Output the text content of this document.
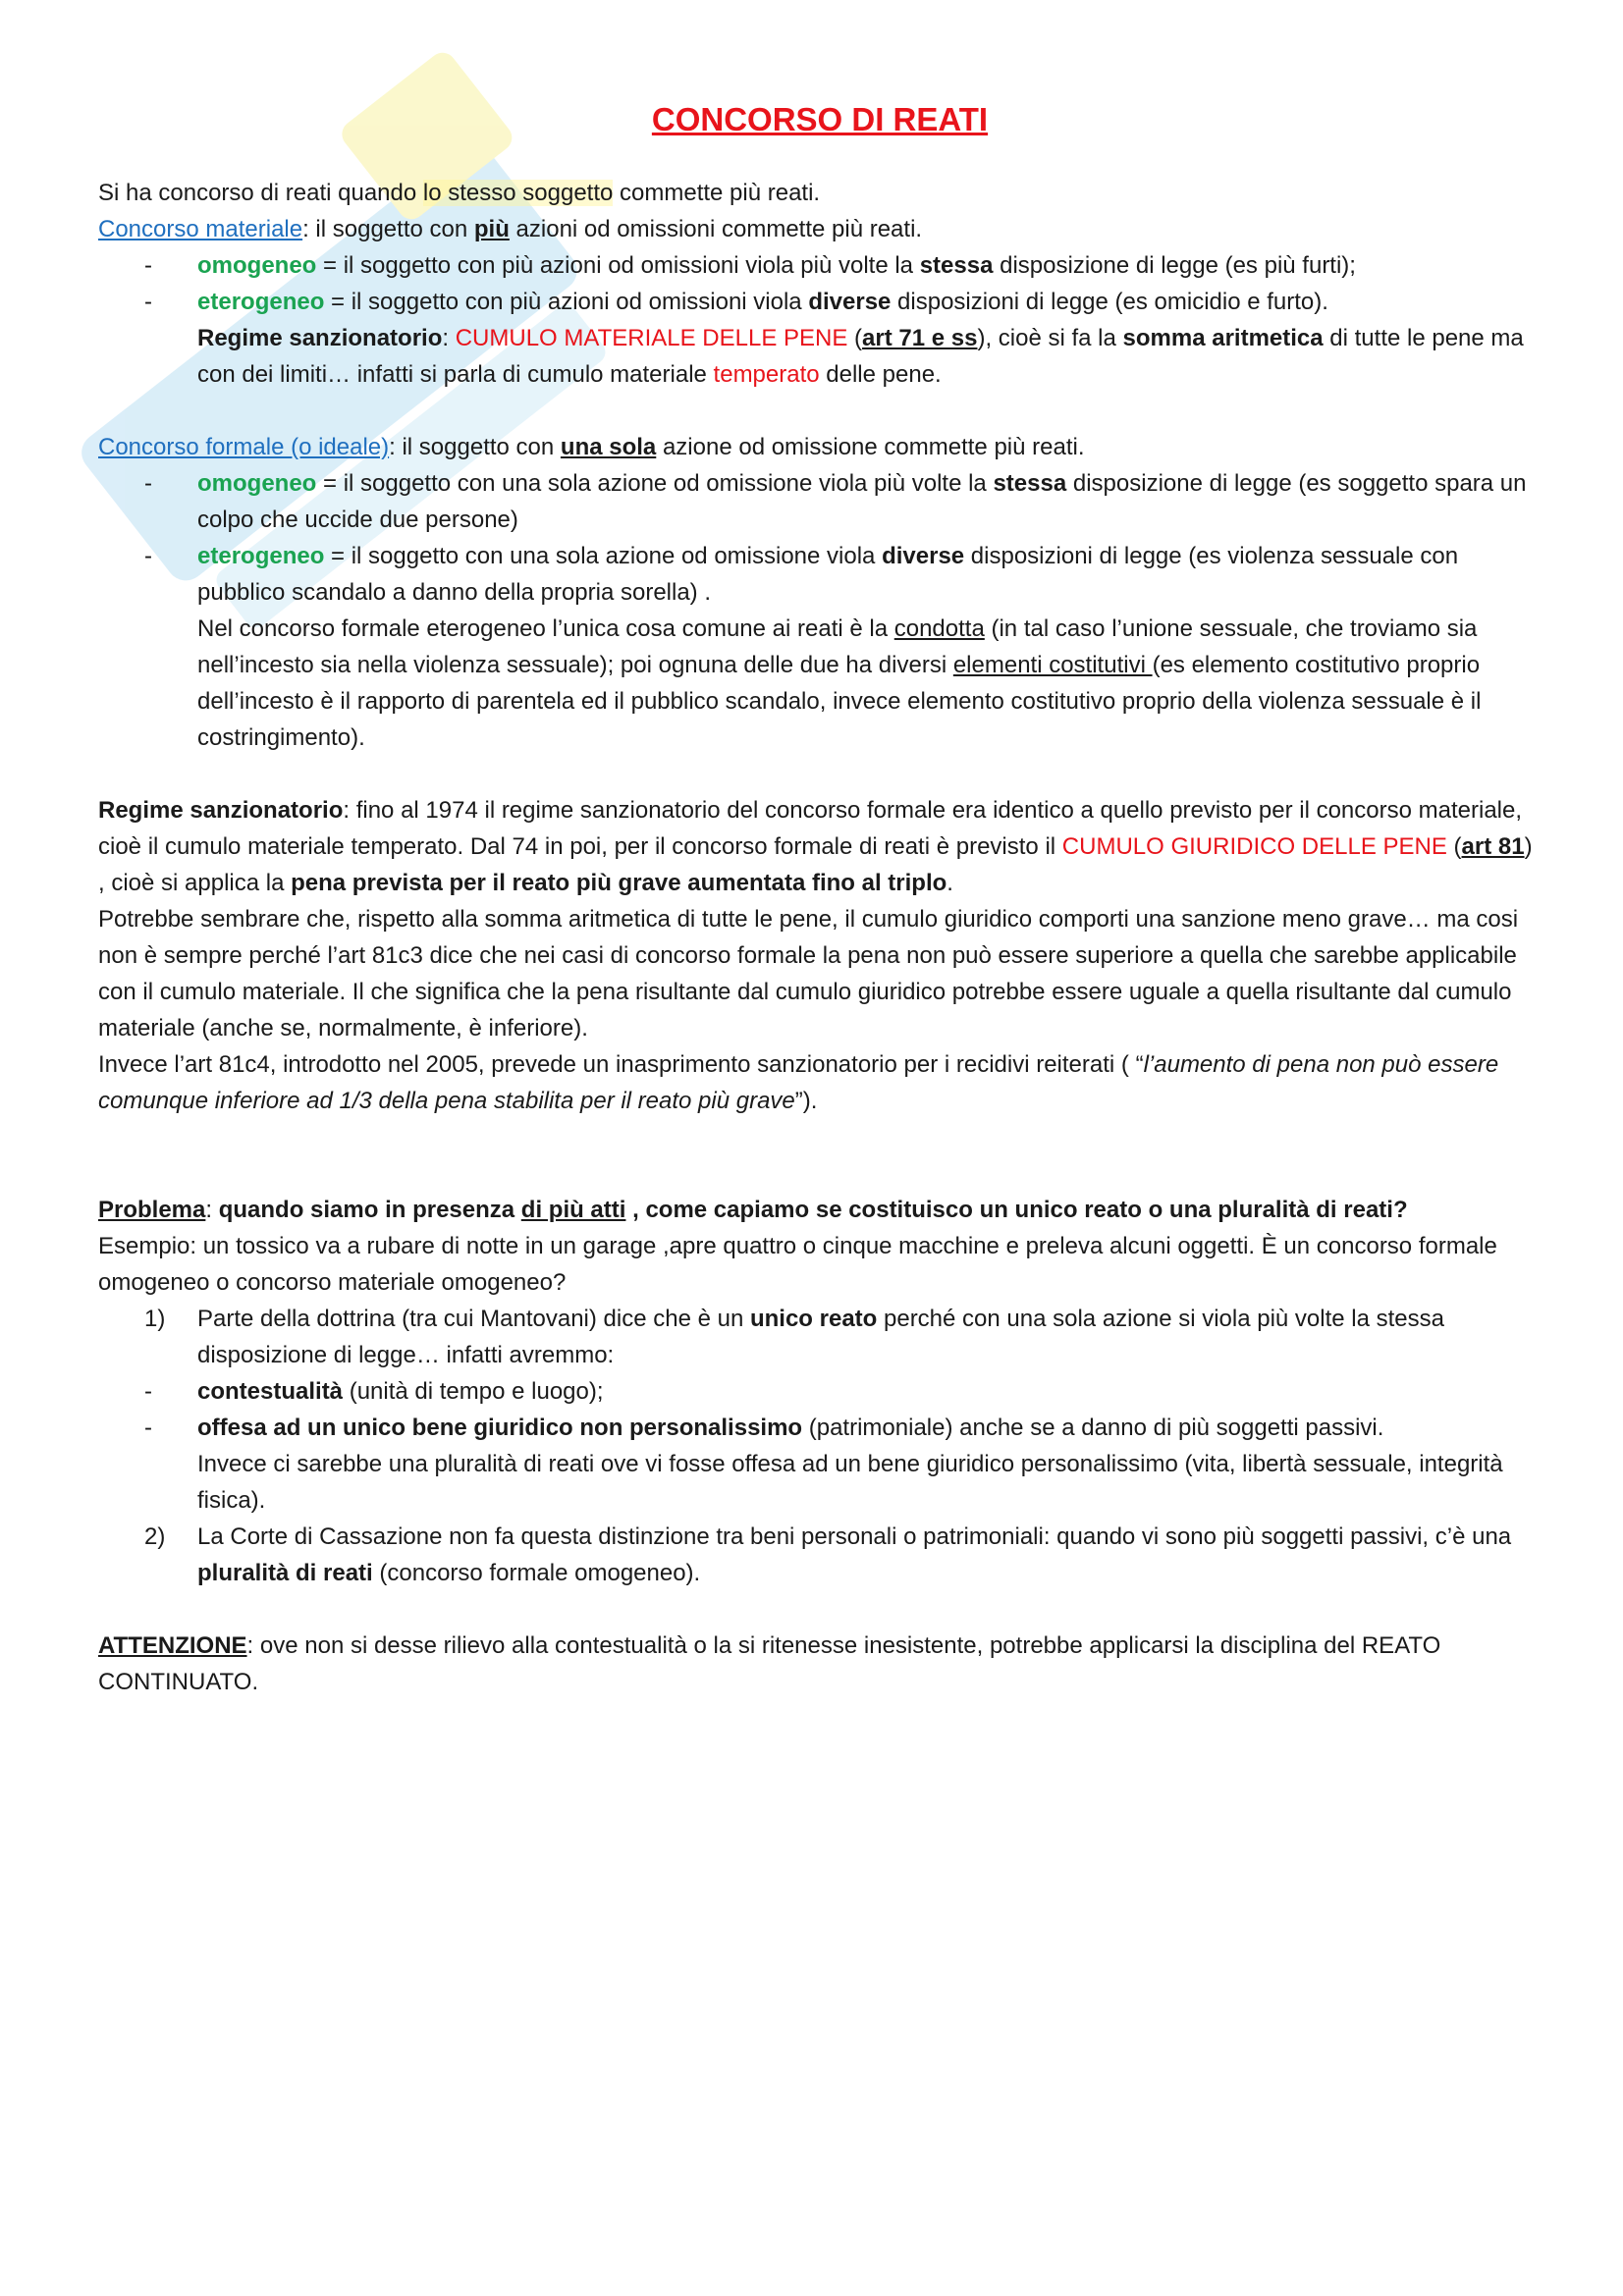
CONCORSO DI REATI

Si ha concorso di reati quando lo stesso soggetto commette più reati.

Concorso materiale: il soggetto con più azioni od omissioni commette più reati.

-	omogeneo = il soggetto con più azioni od omissioni viola più volte la stessa disposizione di legge (es più furti);
-	eterogeneo = il soggetto con più azioni od omissioni viola diverse disposizioni di legge (es omicidio e furto).

Regime sanzionatorio: CUMULO MATERIALE DELLE PENE (art 71 e ss), cioè si fa la somma aritmetica di tutte le pene ma con dei limiti… infatti si parla di cumulo materiale temperato delle pene.

Concorso formale (o ideale): il soggetto con una sola azione od omissione commette più reati.

-	omogeneo = il soggetto con una sola azione od omissione viola più volte la stessa disposizione di legge (es soggetto spara un colpo che uccide due persone)
-	eterogeneo = il soggetto con una sola azione od omissione viola diverse disposizioni di legge (es violenza sessuale con pubblico scandalo a danno della propria sorella) .

Nel concorso formale eterogeneo l’unica cosa comune ai reati è la condotta (in tal caso l’unione sessuale, che troviamo sia nell’incesto sia nella violenza sessuale); poi ognuna delle due ha diversi elementi costitutivi (es elemento costitutivo proprio dell’incesto è il rapporto di parentela ed il pubblico scandalo, invece elemento costitutivo proprio della violenza sessuale è il costringimento).

Regime sanzionatorio: fino al 1974 il regime sanzionatorio del concorso formale era identico a quello previsto per il concorso materiale, cioè il cumulo materiale temperato. Dal 74 in poi, per il concorso formale di reati è previsto il CUMULO GIURIDICO DELLE PENE (art 81) , cioè si applica la pena prevista per il reato più grave aumentata fino al triplo.

Potrebbe sembrare che, rispetto alla somma aritmetica di tutte le pene, il cumulo giuridico comporti una sanzione meno grave… ma cosi non è sempre perché l’art 81c3 dice che nei casi di concorso formale la pena non può essere superiore a quella che sarebbe applicabile con il cumulo materiale. Il che significa che la pena risultante dal cumulo giuridico potrebbe essere uguale a quella risultante dal cumulo materiale (anche se, normalmente, è inferiore).

Invece l’art 81c4, introdotto nel 2005, prevede un inasprimento sanzionatorio per i recidivi reiterati ( “l’aumento di pena non può essere comunque inferiore ad 1/3 della pena stabilita per il reato più grave”).

Problema: quando siamo in presenza di più atti , come capiamo se costituisco un unico reato o una pluralità di reati?

Esempio: un tossico va a rubare di notte in un garage ,apre quattro o cinque macchine e preleva alcuni oggetti. È un concorso formale omogeneo o concorso materiale omogeneo?

1)	Parte della dottrina (tra cui Mantovani) dice che è un unico reato perché con una sola azione si viola più volte la stessa disposizione di legge… infatti avremmo:
-	contestualità (unità di tempo e luogo);
-	offesa ad un unico bene giuridico non personalissimo (patrimoniale) anche se a danno di più soggetti passivi.
Invece ci sarebbe una pluralità di reati ove vi fosse offesa ad un bene giuridico personalissimo (vita, libertà sessuale, integrità fisica).
2)	La Corte di Cassazione non fa questa distinzione tra beni personali o patrimoniali: quando vi sono più soggetti passivi, c’è una pluralità di reati (concorso formale omogeneo).

ATTENZIONE: ove non si desse rilievo alla contestualità o la si ritenesse inesistente, potrebbe applicarsi la disciplina del REATO CONTINUATO.
